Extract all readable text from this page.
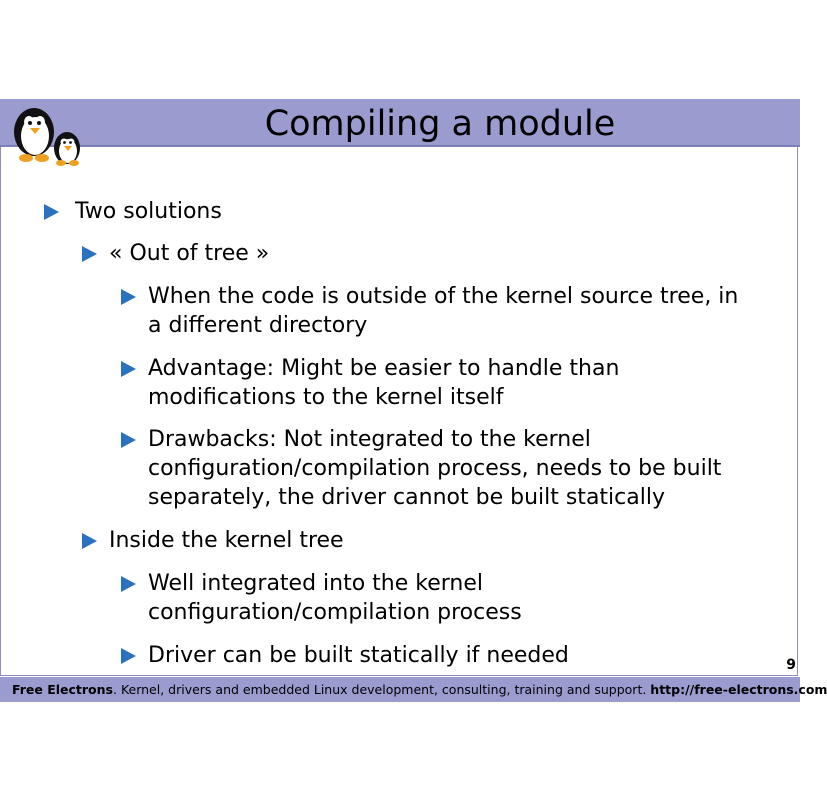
Compiling a module
Two solutions
« Out of tree »
When the code is outside of the kernel source tree, in a different directory
Advantage: Might be easier to handle than modifications to the kernel itself
Drawbacks: Not integrated to the kernel configuration/compilation process, needs to be built separately, the driver cannot be built statically
Inside the kernel tree
Well integrated into the kernel configuration/compilation process
Driver can be built statically if needed	9
Free Electrons. Kernel, drivers and embedded Linux development, consulting, training and support. http://free-electrons.com
